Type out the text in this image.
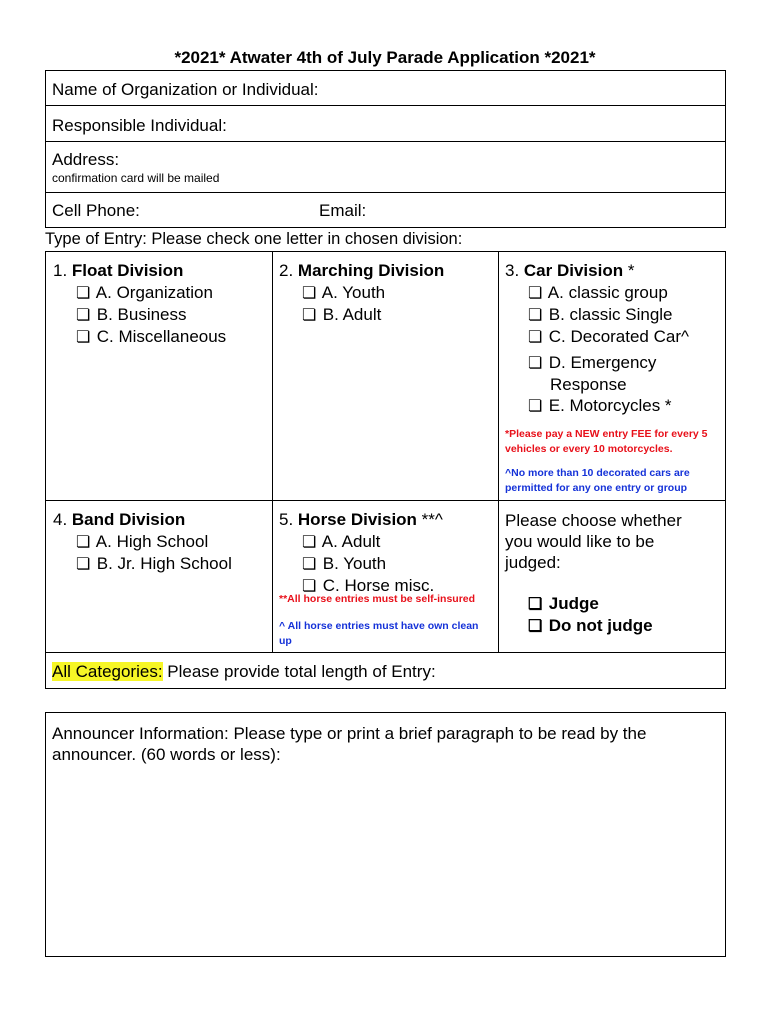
*2021* Atwater 4th of July Parade Application *2021*
Name of Organization or Individual:
Responsible Individual:
Address:
confirmation card will be mailed
Cell Phone:	Email:
Type of Entry: Please check one letter in chosen division:
1. Float Division
❏ A. Organization
❏ B. Business
❏ C. Miscellaneous
2. Marching Division
❏ A. Youth
❏ B. Adult
3. Car Division *
❏ A. classic group
❏ B. classic Single
❏ C. Decorated Car^
❏ D. Emergency
Response
❏ E. Motorcycles *
*Please pay a NEW entry FEE for every 5 vehicles or every 10 motorcycles.
^No more than 10 decorated cars are permitted for any one entry or group
4. Band Division
❏ A. High School
❏ B. Jr. High School
5. Horse Division **^
❏ A. Adult
❏ B. Youth
❏ C. Horse misc.
**All horse entries must be self-insured
^ All horse entries must have own clean up
Please choose whether you would like to be judged:
❏ Judge
❏ Do not judge
All Categories: Please provide total length of Entry:
Announcer Information: Please type or print a brief paragraph to be read by the announcer. (60 words or less):
